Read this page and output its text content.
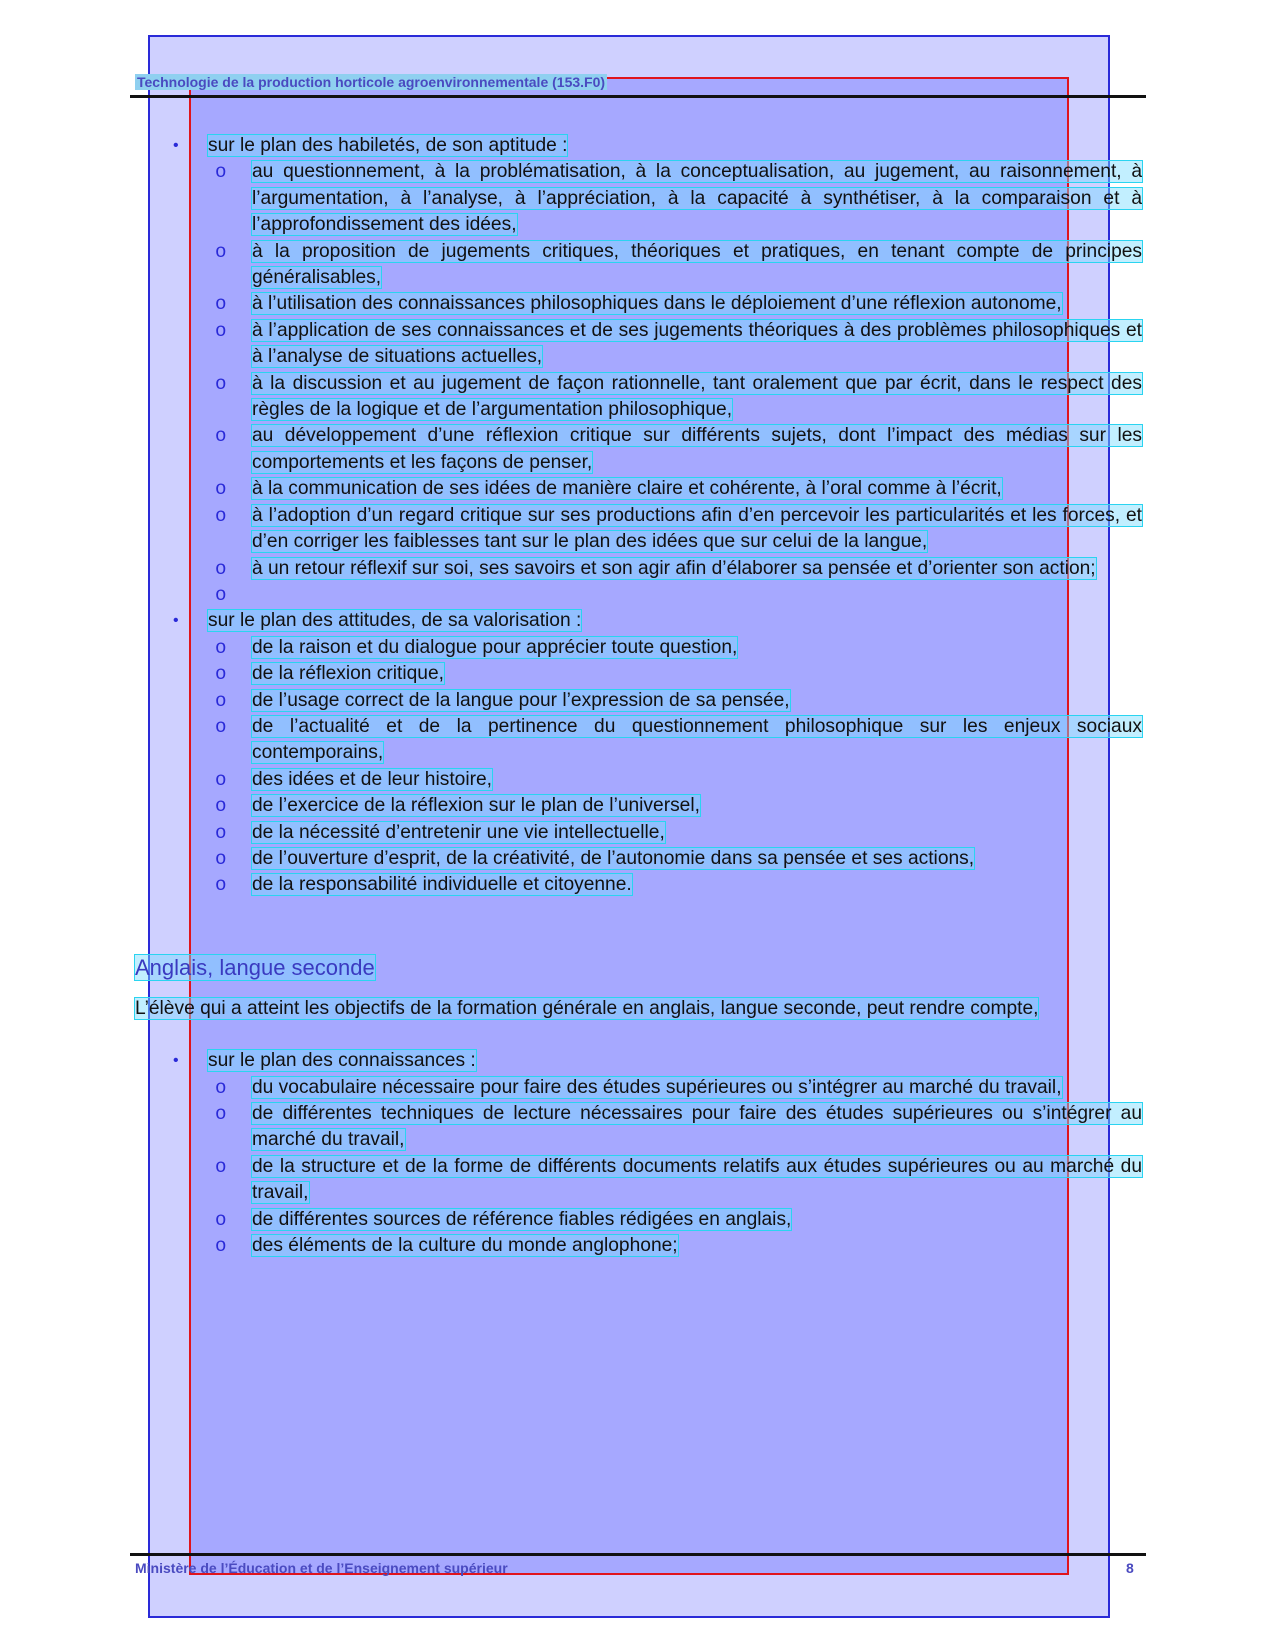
Technologie de la production horticole agroenvironnementale (153.F0)
• sur le plan des habiletés, de son aptitude :
o au questionnement, à la problématisation, à la conceptualisation, au jugement, au raisonnement, à l’argumentation, à l’analyse, à l’appréciation, à la capacité à synthétiser, à la comparaison et à l’approfondissement des idées,
o à la proposition de jugements critiques, théoriques et pratiques, en tenant compte de principes généralisables,
o à l’utilisation des connaissances philosophiques dans le déploiement d’une réflexion autonome,
o à l’application de ses connaissances et de ses jugements théoriques à des problèmes philosophiques et à l’analyse de situations actuelles,
o à la discussion et au jugement de façon rationnelle, tant oralement que par écrit, dans le respect des règles de la logique et de l’argumentation philosophique,
o au développement d’une réflexion critique sur différents sujets, dont l’impact des médias sur les comportements et les façons de penser,
o à la communication de ses idées de manière claire et cohérente, à l’oral comme à l’écrit,
o à l’adoption d’un regard critique sur ses productions afin d’en percevoir les particularités et les forces, et d’en corriger les faiblesses tant sur le plan des idées que sur celui de la langue,
o à un retour réflexif sur soi, ses savoirs et son agir afin d’élaborer sa pensée et d’orienter son action;
o

• sur le plan des attitudes, de sa valorisation :
o de la raison et du dialogue pour apprécier toute question,
o de la réflexion critique,
o de l’usage correct de la langue pour l’expression de sa pensée,
o de l’actualité et de la pertinence du questionnement philosophique sur les enjeux sociaux contemporains,
o des idées et de leur histoire,
o de l’exercice de la réflexion sur le plan de l’universel,
o de la nécessité d’entretenir une vie intellectuelle,
o de l’ouverture d’esprit, de la créativité, de l’autonomie dans sa pensée et ses actions,
o de la responsabilité individuelle et citoyenne.
Anglais, langue seconde

L’élève qui a atteint les objectifs de la formation générale en anglais, langue seconde, peut rendre compte,

• sur le plan des connaissances :
o du vocabulaire nécessaire pour faire des études supérieures ou s’intégrer au marché du travail,
o de différentes techniques de lecture nécessaires pour faire des études supérieures ou s’intégrer au marché du travail,
o de la structure et de la forme de différents documents relatifs aux études supérieures ou au marché du travail,
o de différentes sources de référence fiables rédigées en anglais,
o des éléments de la culture du monde anglophone;
Ministère de l’Éducation et de l’Enseignement supérieur	8
